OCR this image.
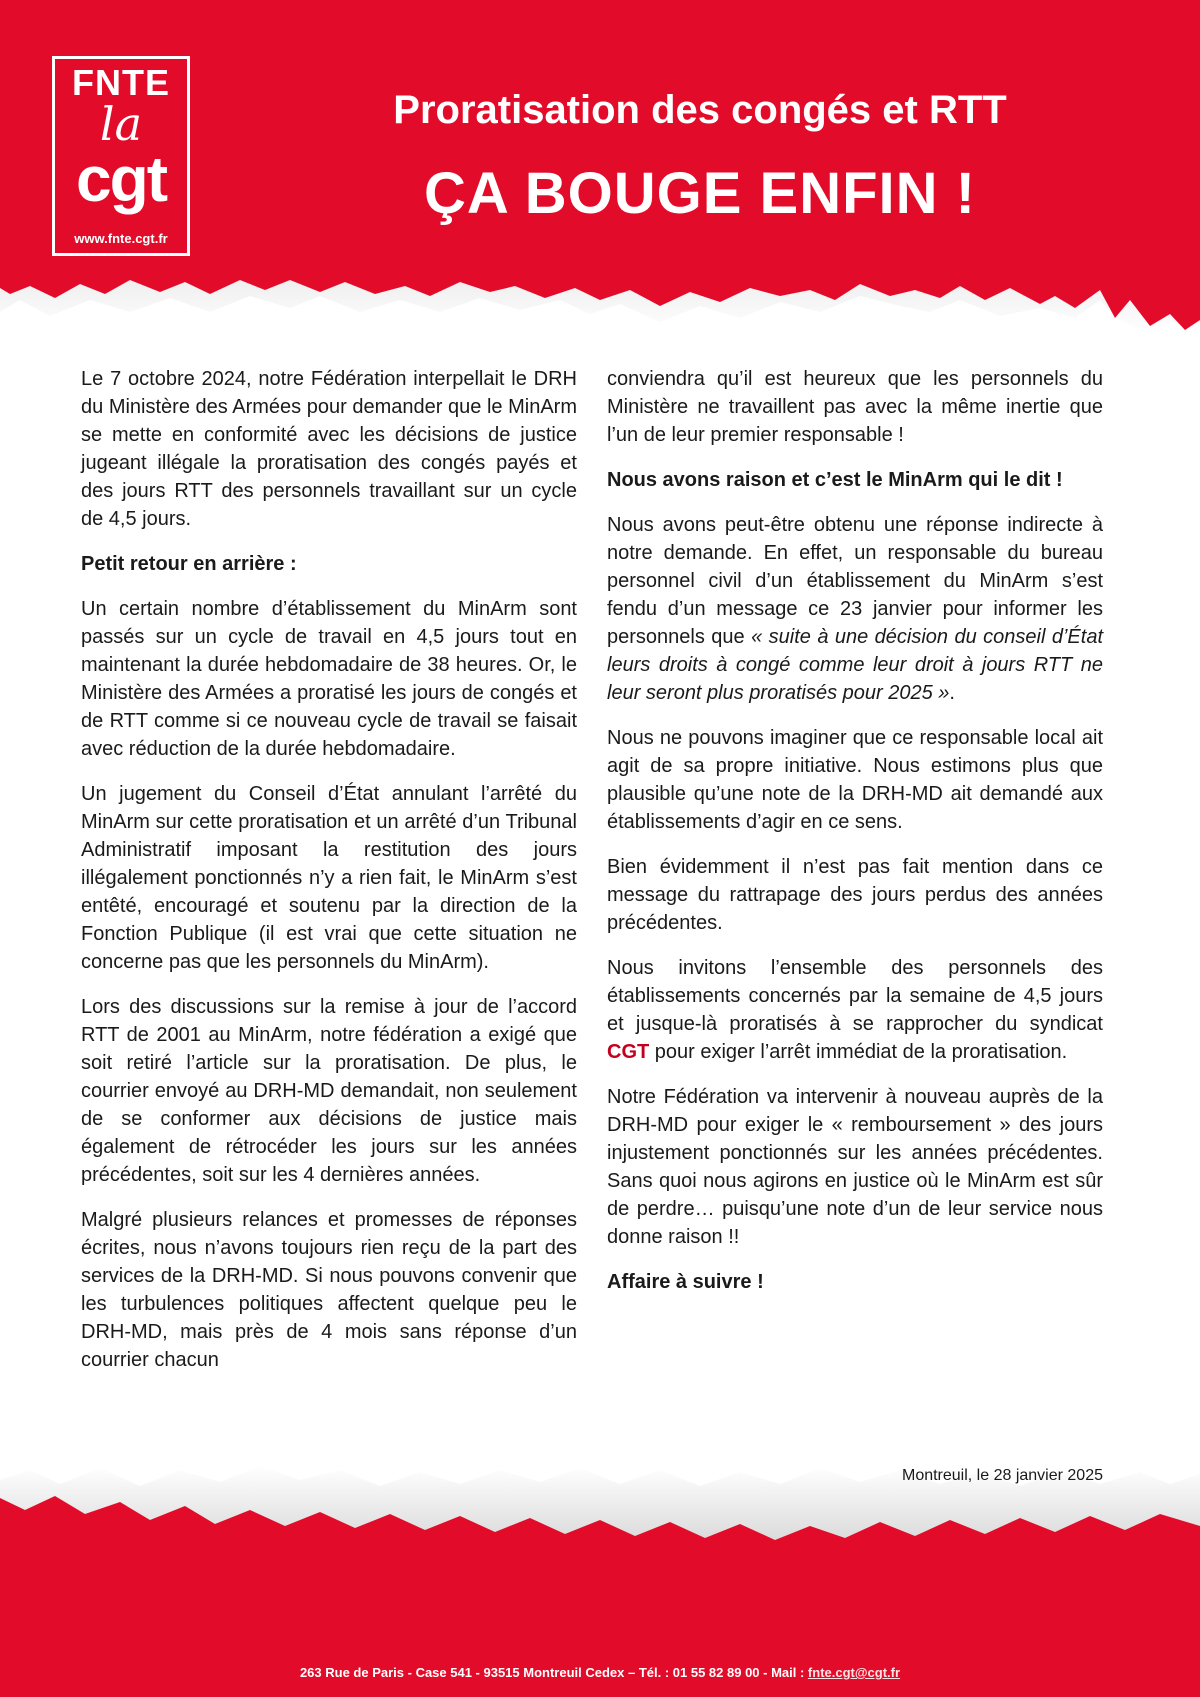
FNTE
la
cgt
www.fnte.cgt.fr
Proratisation des congés et RTT
ÇA BOUGE ENFIN !

Le 7 octobre 2024, notre Fédération interpellait le DRH du Ministère des Armées pour demander que le MinArm se mette en conformité avec les décisions de justice jugeant illégale la proratisation des congés payés et des jours RTT des personnels travaillant sur un cycle de 4,5 jours.

Petit retour en arrière :

Un certain nombre d’établissement du MinArm sont passés sur un cycle de travail en 4,5 jours tout en maintenant la durée hebdomadaire de 38 heures. Or, le Ministère des Armées a proratisé les jours de congés et de RTT comme si ce nouveau cycle de travail se faisait avec réduction de la durée hebdomadaire.

Un jugement du Conseil d’État annulant l’arrêté du MinArm sur cette proratisation et un arrêté d’un Tribunal Administratif imposant la restitution des jours illégalement ponctionnés n’y a rien fait, le MinArm s’est entêté, encouragé et soutenu par la direction de la Fonction Publique (il est vrai que cette situation ne concerne pas que les personnels du MinArm).

Lors des discussions sur la remise à jour de l’accord RTT de 2001 au MinArm, notre fédération a exigé que soit retiré l’article sur la proratisation. De plus, le courrier envoyé au DRH-MD demandait, non seulement de se conformer aux décisions de justice mais également de rétrocéder les jours sur les années précédentes, soit sur les 4 dernières années.

Malgré plusieurs relances et promesses de réponses écrites, nous n’avons toujours rien reçu de la part des services de la DRH-MD. Si nous pouvons convenir que les turbulences politiques affectent quelque peu le DRH-MD, mais près de 4 mois sans réponse d’un courrier chacun

conviendra qu’il est heureux que les personnels du Ministère ne travaillent pas avec la même inertie que l’un de leur premier responsable !

Nous avons raison et c’est le MinArm qui le dit !

Nous avons peut-être obtenu une réponse indirecte à notre demande. En effet, un responsable du bureau personnel civil d’un établissement du MinArm s’est fendu d’un message ce 23 janvier pour informer les personnels que « suite à une décision du conseil d’État leurs droits à congé comme leur droit à jours RTT ne leur seront plus proratisés pour 2025 ».

Nous ne pouvons imaginer que ce responsable local ait agit de sa propre initiative. Nous estimons plus que plausible qu’une note de la DRH-MD ait demandé aux établissements d’agir en ce sens.

Bien évidemment il n’est pas fait mention dans ce message du rattrapage des jours perdus des années précédentes.

Nous invitons l’ensemble des personnels des établissements concernés par la semaine de 4,5 jours et jusque-là proratisés à se rapprocher du syndicat CGT pour exiger l’arrêt immédiat de la proratisation.

Notre Fédération va intervenir à nouveau auprès de la DRH-MD pour exiger le « remboursement » des jours injustement ponctionnés sur les années précédentes. Sans quoi nous agirons en justice où le MinArm est sûr de perdre… puisqu’une note d’un de leur service nous donne raison !!

Affaire à suivre !

Montreuil, le 28 janvier 2025
263 Rue de Paris - Case 541 - 93515 Montreuil Cedex – Tél. : 01 55 82 89 00 - Mail : fnte.cgt@cgt.fr
